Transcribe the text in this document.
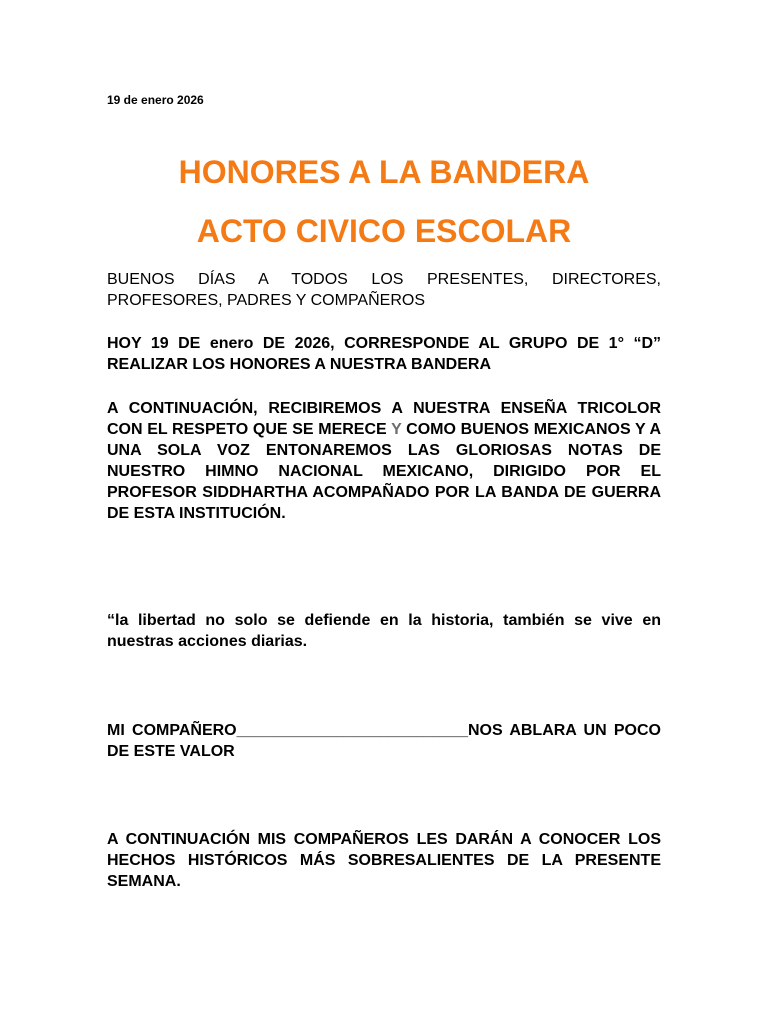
19 de enero 2026
HONORES A LA BANDERA
ACTO CIVICO ESCOLAR
BUENOS DÍAS A TODOS LOS PRESENTES, DIRECTORES, PROFESORES, PADRES Y COMPAÑEROS
HOY 19 DE enero DE 2026, CORRESPONDE AL GRUPO DE 1° “D” REALIZAR LOS HONORES A NUESTRA BANDERA
A CONTINUACIÓN, RECIBIREMOS A NUESTRA ENSEÑA TRICOLOR CON EL RESPETO QUE SE MERECE Y COMO BUENOS MEXICANOS Y A UNA SOLA VOZ ENTONAREMOS LAS GLORIOSAS NOTAS DE NUESTRO HIMNO NACIONAL MEXICANO, DIRIGIDO POR EL PROFESOR SIDDHARTHA ACOMPAÑADO POR LA BANDA DE GUERRA DE ESTA INSTITUCIÓN.
“la libertad no solo se defiende en la historia, también se vive en nuestras acciones diarias.
MI COMPAÑERO__________________________NOS ABLARA UN POCO DE ESTE VALOR
A CONTINUACIÓN MIS COMPAÑEROS LES DARÁN A CONOCER LOS HECHOS HISTÓRICOS MÁS SOBRESALIENTES DE LA PRESENTE SEMANA.
